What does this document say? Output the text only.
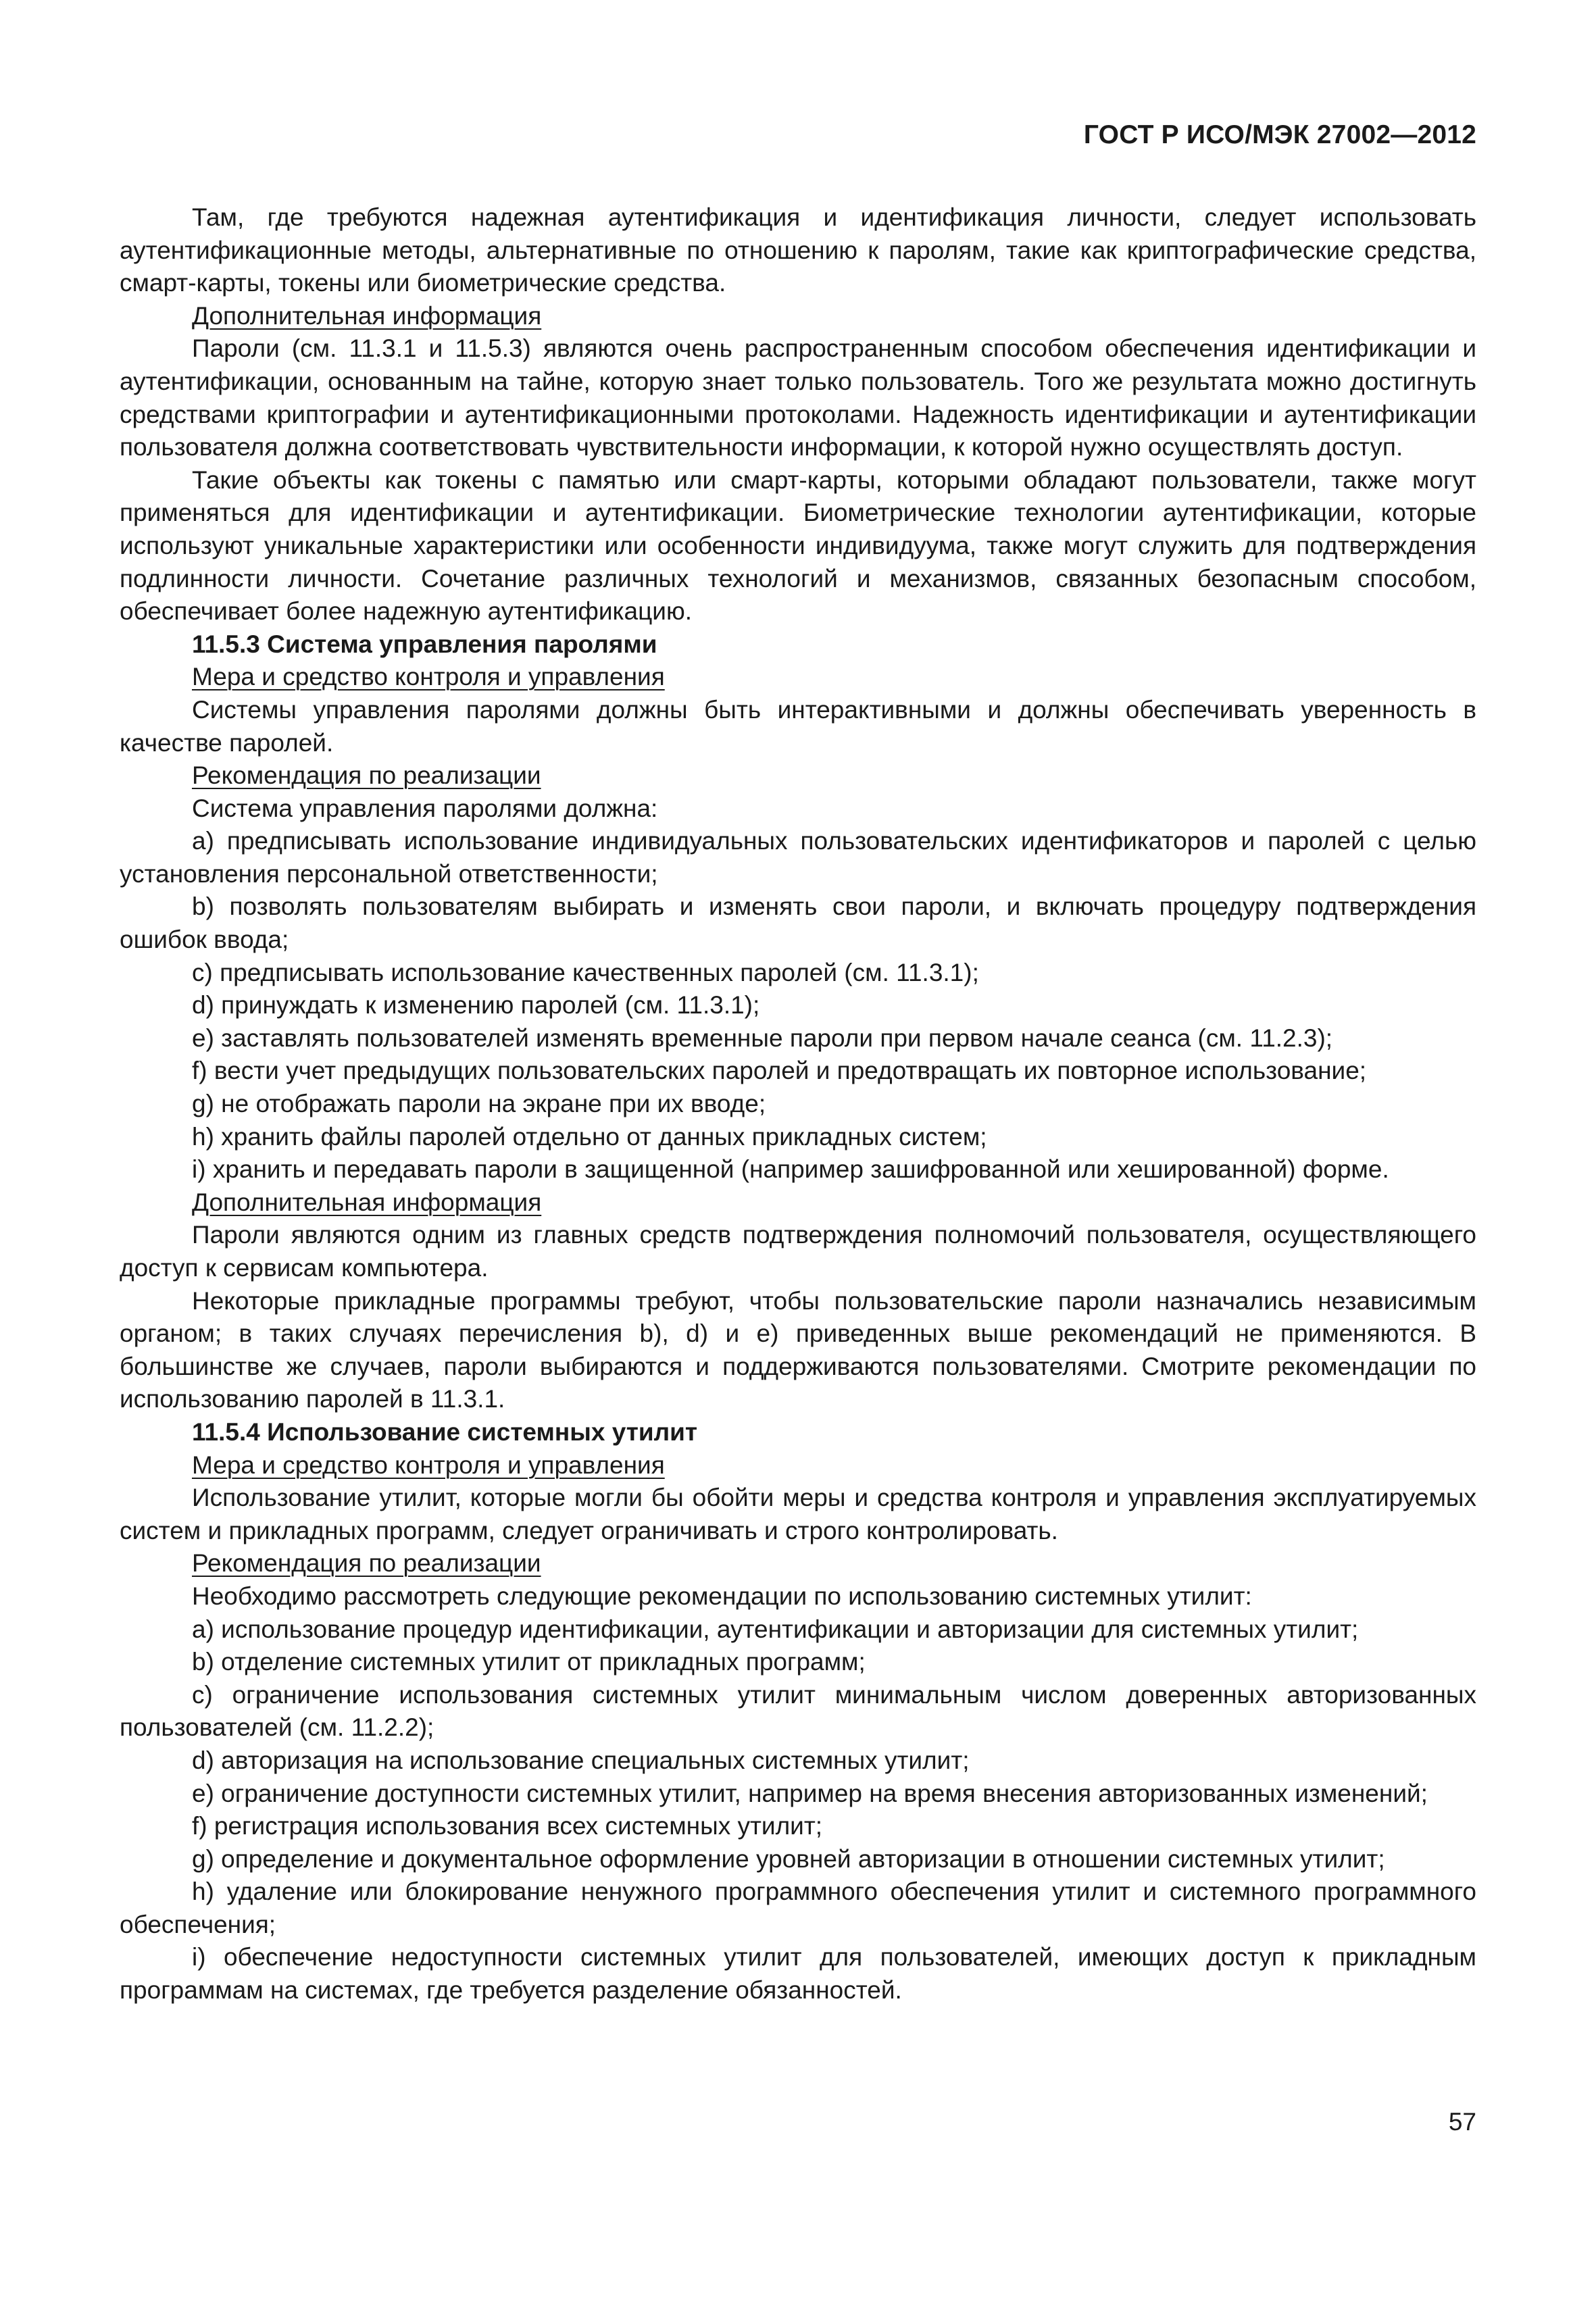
ГОСТ Р ИСО/МЭК 27002—2012

Там, где требуются надежная аутентификация и идентификация личности, следует использовать аутентификационные методы, альтернативные по отношению к паролям, такие как криптографические средства, смарт-карты, токены или биометрические средства.

Дополнительная информация

Пароли (см. 11.3.1 и 11.5.3) являются очень распространенным способом обеспечения идентификации и аутентификации, основанным на тайне, которую знает только пользователь. Того же результата можно достигнуть средствами криптографии и аутентификационными протоколами. Надежность идентификации и аутентификации пользователя должна соответствовать чувствительности информации, к которой нужно осуществлять доступ.

Такие объекты как токены с памятью или смарт-карты, которыми обладают пользователи, также могут применяться для идентификации и аутентификации. Биометрические технологии аутентификации, которые используют уникальные характеристики или особенности индивидуума, также могут служить для подтверждения подлинности личности. Сочетание различных технологий и механизмов, связанных безопасным способом, обеспечивает более надежную аутентификацию.

11.5.3 Система управления паролями

Мера и средство контроля и управления

Системы управления паролями должны быть интерактивными и должны обеспечивать уверенность в качестве паролей.

Рекомендация по реализации

Система управления паролями должна:

a) предписывать использование индивидуальных пользовательских идентификаторов и паролей с целью установления персональной ответственности;

b) позволять пользователям выбирать и изменять свои пароли, и включать процедуру подтверждения ошибок ввода;

c) предписывать использование качественных паролей (см. 11.3.1);

d) принуждать к изменению паролей (см. 11.3.1);

e) заставлять пользователей изменять временные пароли при первом начале сеанса (см. 11.2.3);

f) вести учет предыдущих пользовательских паролей и предотвращать их повторное использование;

g) не отображать пароли на экране при их вводе;

h) хранить файлы паролей отдельно от данных прикладных систем;

i) хранить и передавать пароли в защищенной (например зашифрованной или хешированной) форме.

Дополнительная информация

Пароли являются одним из главных средств подтверждения полномочий пользователя, осуществляющего доступ к сервисам компьютера.

Некоторые прикладные программы требуют, чтобы пользовательские пароли назначались независимым органом; в таких случаях перечисления b), d) и e) приведенных выше рекомендаций не применяются. В большинстве же случаев, пароли выбираются и поддерживаются пользователями. Смотрите рекомендации по использованию паролей в 11.3.1.

11.5.4 Использование системных утилит

Мера и средство контроля и управления

Использование утилит, которые могли бы обойти меры и средства контроля и управления эксплуатируемых систем и прикладных программ, следует ограничивать и строго контролировать.

Рекомендация по реализации

Необходимо рассмотреть следующие рекомендации по использованию системных утилит:

a) использование процедур идентификации, аутентификации и авторизации для системных утилит;

b) отделение системных утилит от прикладных программ;

c) ограничение использования системных утилит минимальным числом доверенных авторизованных пользователей (см. 11.2.2);

d) авторизация на использование специальных системных утилит;

e) ограничение доступности системных утилит, например на время внесения авторизованных изменений;

f) регистрация использования всех системных утилит;

g) определение и документальное оформление уровней авторизации в отношении системных утилит;

h) удаление или блокирование ненужного программного обеспечения утилит и системного программного обеспечения;

i) обеспечение недоступности системных утилит для пользователей, имеющих доступ к прикладным программам на системах, где требуется разделение обязанностей.

57
